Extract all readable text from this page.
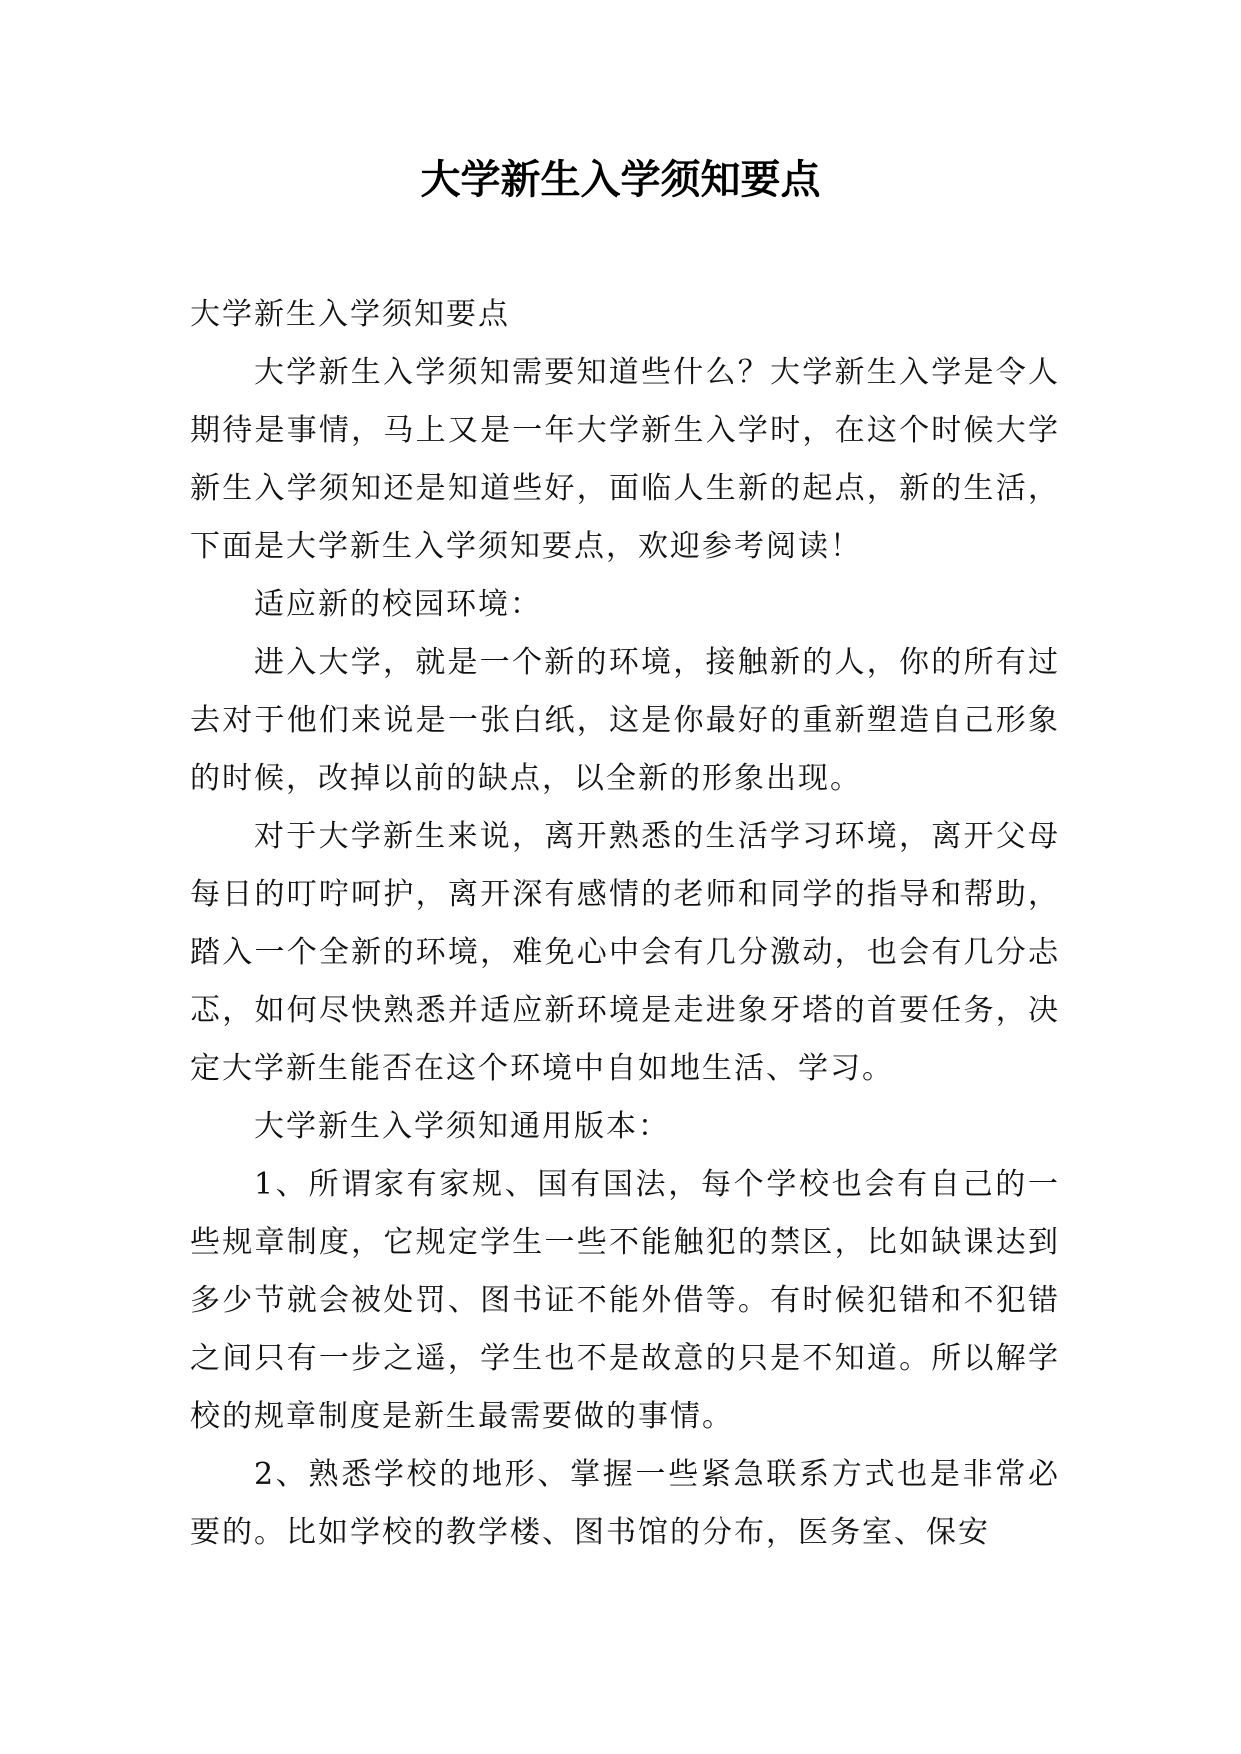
大学新生入学须知要点

大学新生入学须知要点

大学新生入学须知需要知道些什么？大学新生入学是令人期待是事情，马上又是一年大学新生入学时，在这个时候大学新生入学须知还是知道些好，面临人生新的起点，新的生活，下面是大学新生入学须知要点，欢迎参考阅读！

适应新的校园环境：

进入大学，就是一个新的环境，接触新的人，你的所有过去对于他们来说是一张白纸，这是你最好的重新塑造自己形象的时候，改掉以前的缺点，以全新的形象出现。

对于大学新生来说，离开熟悉的生活学习环境，离开父母每日的叮咛呵护，离开深有感情的老师和同学的指导和帮助，踏入一个全新的环境，难免心中会有几分激动，也会有几分忐忑，如何尽快熟悉并适应新环境是走进象牙塔的首要任务，决定大学新生能否在这个环境中自如地生活、学习。

大学新生入学须知通用版本：

1、所谓家有家规、国有国法，每个学校也会有自己的一些规章制度，它规定学生一些不能触犯的禁区，比如缺课达到多少节就会被处罚、图书证不能外借等。有时候犯错和不犯错之间只有一步之遥，学生也不是故意的只是不知道。所以解学校的规章制度是新生最需要做的事情。

2、熟悉学校的地形、掌握一些紧急联系方式也是非常必要的。比如学校的教学楼、图书馆的分布，医务室、保安
